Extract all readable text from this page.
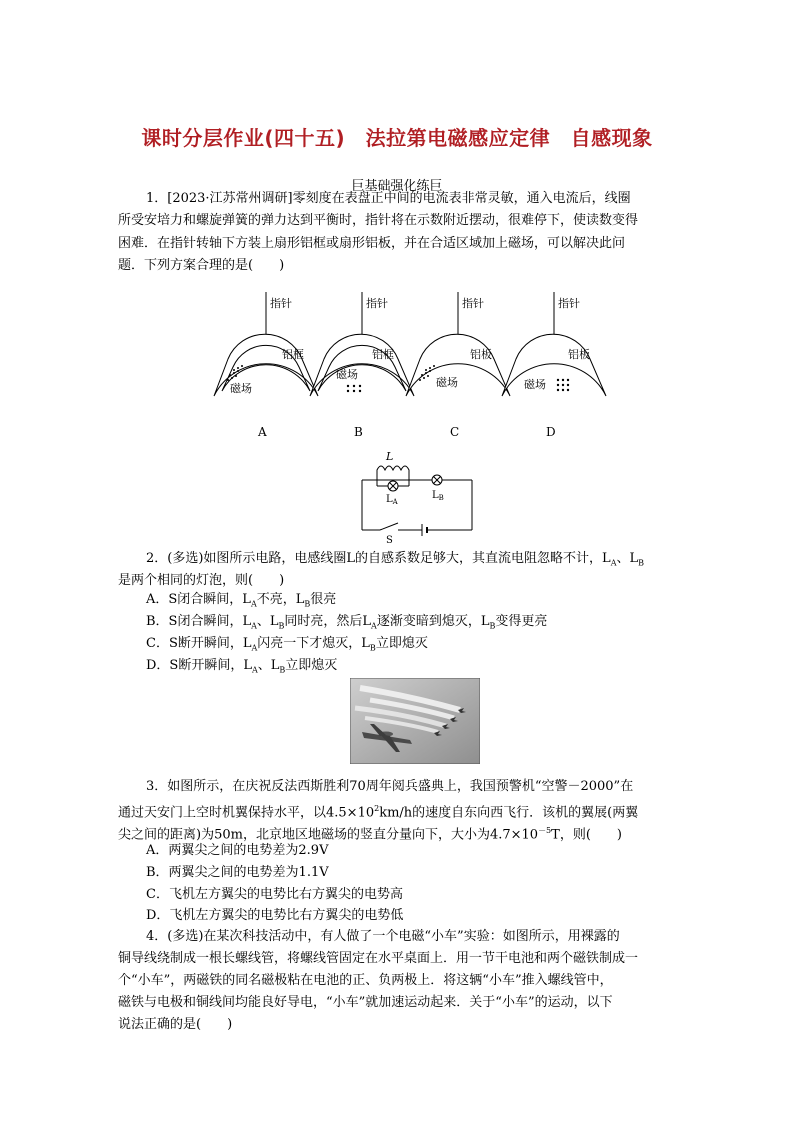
课时分层作业(四十五)　法拉第电磁感应定律　自感现象
巨基础强化练巨
1．[2023·江苏常州调研]零刻度在表盘正中间的电流表非常灵敏，通入电流后，线圈
所受安培力和螺旋弹簧的弹力达到平衡时，指针将在示数附近摆动，很难停下，使读数变得
困难．在指针转轴下方装上扇形铝框或扇形铝板，并在合适区域加上磁场，可以解决此问
题．下列方案合理的是(　　)
指针
铝框
磁场
A
指针
铝框
磁场
B
指针
铝板
磁场
C
指针
铝板
磁场
D
L
$L_A$
$L_B$
S
2．(多选)如图所示电路，电感线圈L的自感系数足够大，其直流电阻忽略不计，$L_A$、$L_B$
是两个相同的灯泡，则(　　)
A．S闭合瞬间，$L_A$不亮，$L_B$很亮
B．S闭合瞬间，$L_A$、$L_B$同时亮，然后$L_A$逐渐变暗到熄灭，$L_B$变得更亮
C．S断开瞬间，$L_A$闪亮一下才熄灭，$L_B$立即熄灭
D．S断开瞬间，$L_A$、$L_B$立即熄灭
3．如图所示，在庆祝反法西斯胜利70周年阅兵盛典上，我国预警机“空警－2000”在
通过天安门上空时机翼保持水平，以$4.5\times 10^2km/h$的速度自东向西飞行．该机的翼展(两翼
尖之间的距离)为50m，北京地区地磁场的竖直分量向下，大小为$4.7\times 10^{-5}T$，则(　　)
A．两翼尖之间的电势差为2.9V
B．两翼尖之间的电势差为1.1V
C．飞机左方翼尖的电势比右方翼尖的电势高
D．飞机左方翼尖的电势比右方翼尖的电势低
4．(多选)在某次科技活动中，有人做了一个电磁“小车”实验：如图所示，用裸露的
铜导线绕制成一根长螺线管，将螺线管固定在水平桌面上．用一节干电池和两个磁铁制成一
个“小车”，两磁铁的同名磁极粘在电池的正、负两极上．将这辆“小车”推入螺线管中，
磁铁与电极和铜线间均能良好导电，“小车”就加速运动起来．关于“小车”的运动，以下
说法正确的是(　　)
